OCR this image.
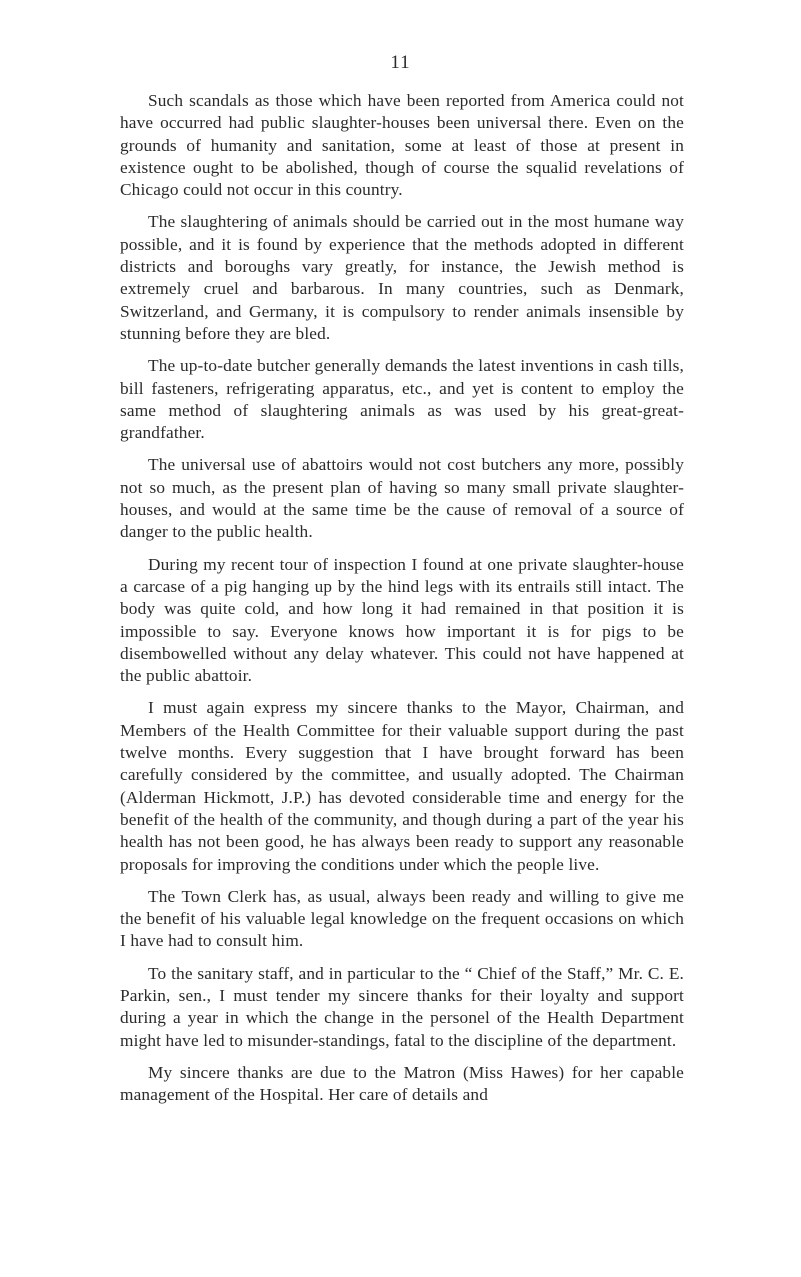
11

Such scandals as those which have been reported from America could not have occurred had public slaughter-houses been universal there. Even on the grounds of humanity and sanitation, some at least of those at present in existence ought to be abolished, though of course the squalid revelations of Chicago could not occur in this country.

The slaughtering of animals should be carried out in the most humane way possible, and it is found by experience that the methods adopted in different districts and boroughs vary greatly, for instance, the Jewish method is extremely cruel and barbarous. In many countries, such as Denmark, Switzerland, and Germany, it is compulsory to render animals insensible by stunning before they are bled.

The up-to-date butcher generally demands the latest inventions in cash tills, bill fasteners, refrigerating apparatus, etc., and yet is content to employ the same method of slaughtering animals as was used by his great-great-grandfather.

The universal use of abattoirs would not cost butchers any more, possibly not so much, as the present plan of having so many small private slaughter-houses, and would at the same time be the cause of removal of a source of danger to the public health.

During my recent tour of inspection I found at one private slaughter-house a carcase of a pig hanging up by the hind legs with its entrails still intact. The body was quite cold, and how long it had remained in that position it is impossible to say. Everyone knows how important it is for pigs to be disembowelled without any delay whatever. This could not have happened at the public abattoir.

I must again express my sincere thanks to the Mayor, Chairman, and Members of the Health Committee for their valuable support during the past twelve months. Every suggestion that I have brought forward has been carefully considered by the committee, and usually adopted. The Chairman (Alderman Hickmott, J.P.) has devoted considerable time and energy for the benefit of the health of the community, and though during a part of the year his health has not been good, he has always been ready to support any reasonable proposals for improving the conditions under which the people live.

The Town Clerk has, as usual, always been ready and willing to give me the benefit of his valuable legal knowledge on the frequent occasions on which I have had to consult him.

To the sanitary staff, and in particular to the “ Chief of the Staff,” Mr. C. E. Parkin, sen., I must tender my sincere thanks for their loyalty and support during a year in which the change in the personel of the Health Department might have led to misunder-standings, fatal to the discipline of the department.

My sincere thanks are due to the Matron (Miss Hawes) for her capable management of the Hospital. Her care of details and
